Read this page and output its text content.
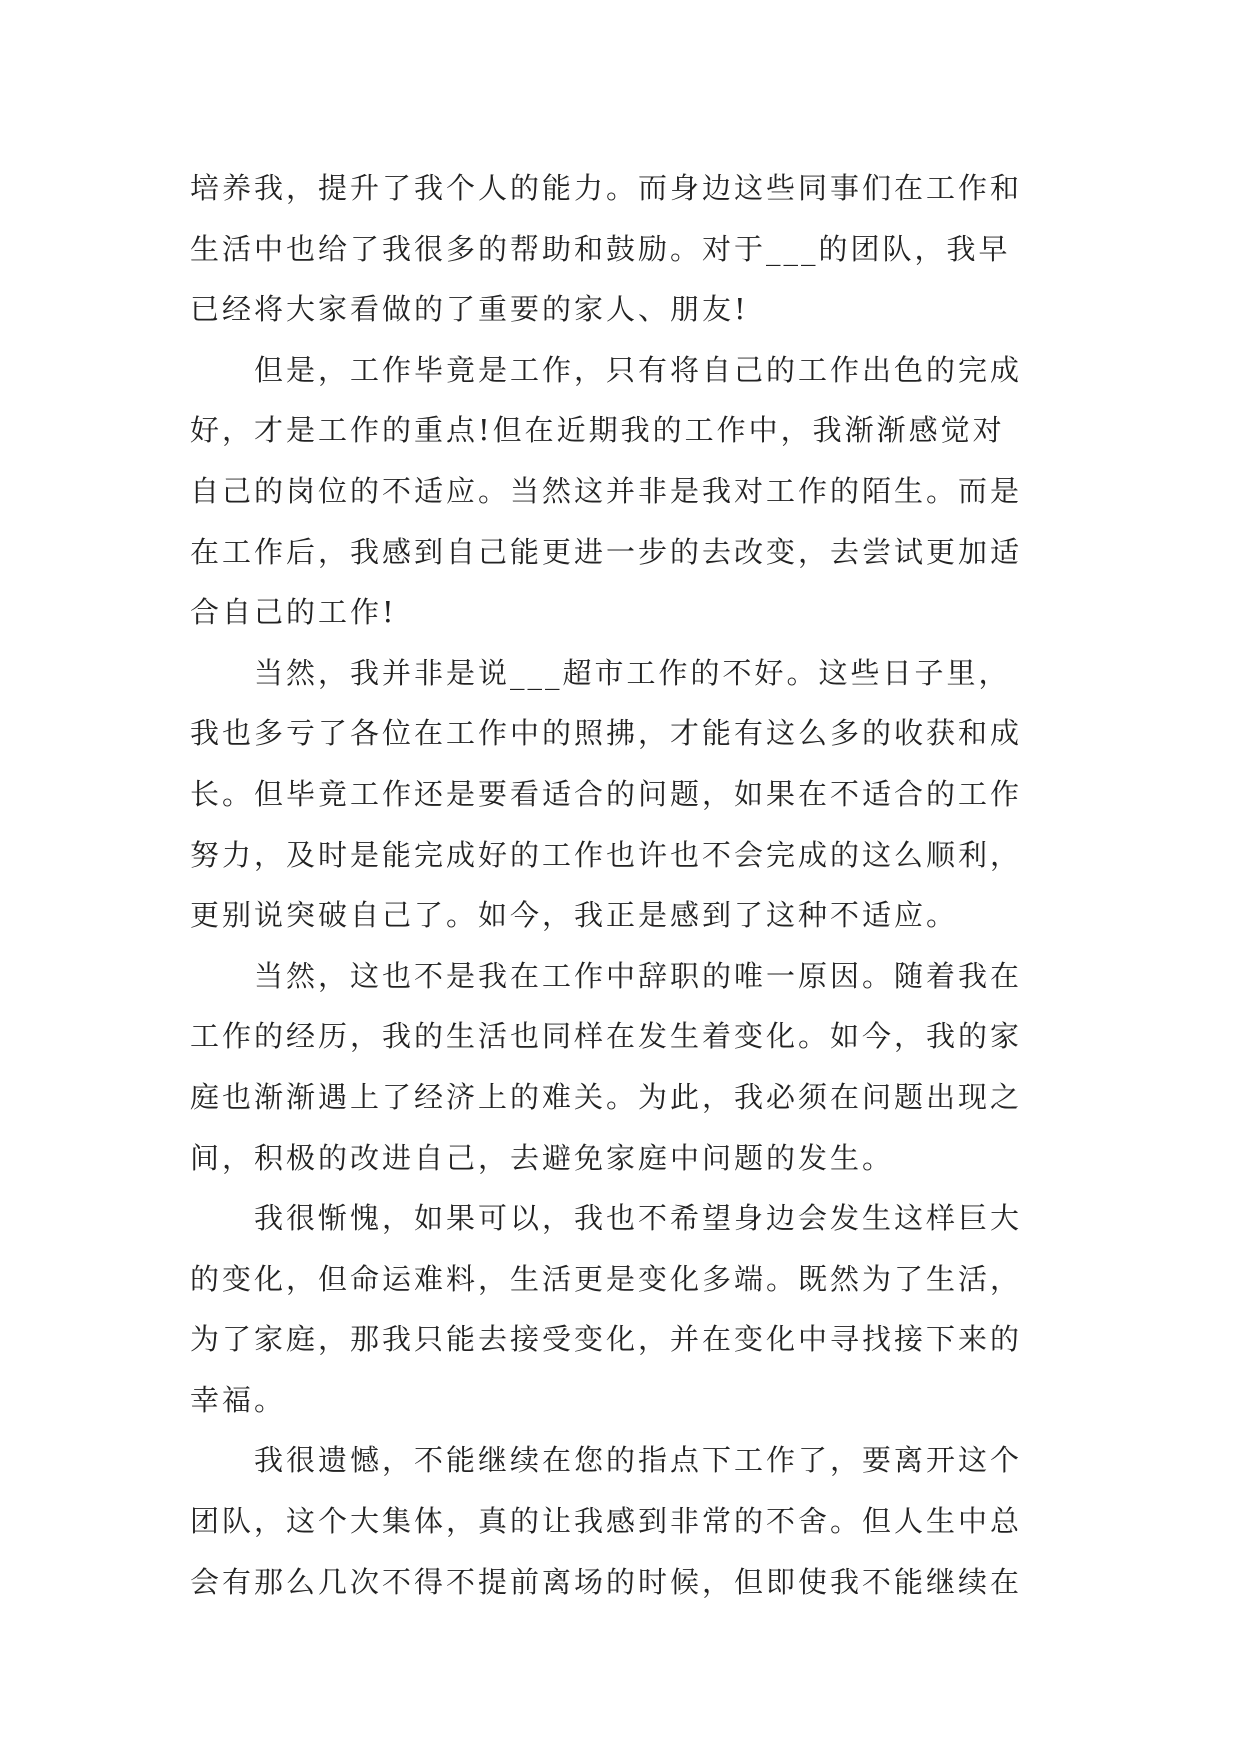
培养我，提升了我个人的能力。而身边这些同事们在工作和
生活中也给了我很多的帮助和鼓励。对于___的团队，我早
已经将大家看做的了重要的家人、朋友!
但是，工作毕竟是工作，只有将自己的工作出色的完成
好，才是工作的重点!但在近期我的工作中，我渐渐感觉对
自己的岗位的不适应。当然这并非是我对工作的陌生。而是
在工作后，我感到自己能更进一步的去改变，去尝试更加适
合自己的工作!
当然，我并非是说___超市工作的不好。这些日子里，
我也多亏了各位在工作中的照拂，才能有这么多的收获和成
长。但毕竟工作还是要看适合的问题，如果在不适合的工作
努力，及时是能完成好的工作也许也不会完成的这么顺利，
更别说突破自己了。如今，我正是感到了这种不适应。
当然，这也不是我在工作中辞职的唯一原因。随着我在
工作的经历，我的生活也同样在发生着变化。如今，我的家
庭也渐渐遇上了经济上的难关。为此，我必须在问题出现之
间，积极的改进自己，去避免家庭中问题的发生。
我很惭愧，如果可以，我也不希望身边会发生这样巨大
的变化，但命运难料，生活更是变化多端。既然为了生活，
为了家庭，那我只能去接受变化，并在变化中寻找接下来的
幸福。
我很遗憾，不能继续在您的指点下工作了，要离开这个
团队，这个大集体，真的让我感到非常的不舍。但人生中总
会有那么几次不得不提前离场的时候，但即使我不能继续在
